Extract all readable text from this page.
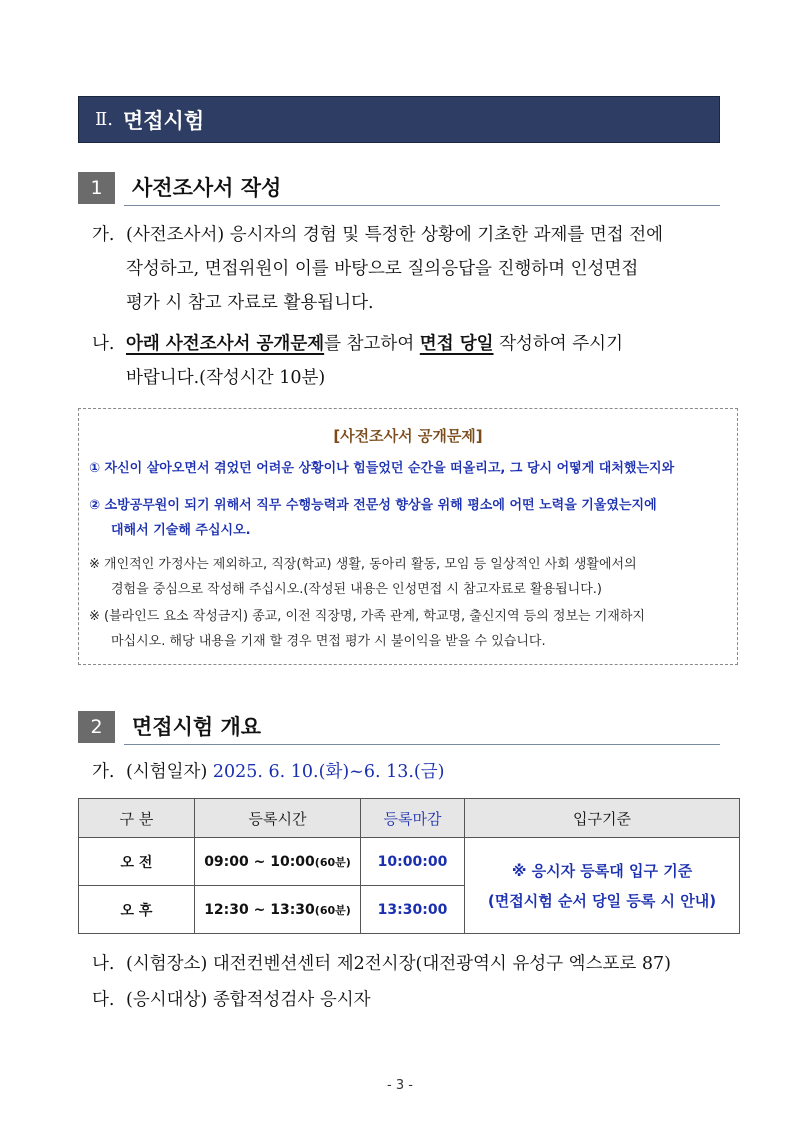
Ⅱ. 면접시험
1	사전조사서 작성
가. (사전조사서) 응시자의 경험 및 특정한 상황에 기초한 과제를 면접 전에
작성하고, 면접위원이 이를 바탕으로 질의응답을 진행하며 인성면접
평가 시 참고 자료로 활용됩니다.
나. 아래 사전조사서 공개문제를 참고하여 면접 당일 작성하여 주시기
바랍니다.(작성시간 10분)
[사전조사서 공개문제]
① 자신이 살아오면서 겪었던 어려운 상황이나 힘들었던 순간을 떠올리고, 그 당시 어떻게 대처했는지와
② 소방공무원이 되기 위해서 직무 수행능력과 전문성 향상을 위해 평소에 어떤 노력을 기울였는지에
대해서 기술해 주십시오.
※ 개인적인 가정사는 제외하고, 직장(학교) 생활, 동아리 활동, 모임 등 일상적인 사회 생활에서의
경험을 중심으로 작성해 주십시오.(작성된 내용은 인성면접 시 참고자료로 활용됩니다.)
※ (블라인드 요소 작성금지) 종교, 이전 직장명, 가족 관계, 학교명, 출신지역 등의 정보는 기재하지
마십시오. 해당 내용을 기재 할 경우 면접 평가 시 불이익을 받을 수 있습니다.
2	면접시험 개요
가. (시험일자) 2025. 6. 10.(화)~6. 13.(금)
구 분	등록시간	등록마감	입구기준
오 전	09:00 ~ 10:00(60분)	10:00:00	※ 응시자 등록대 입구 기준
(면접시험 순서 당일 등록 시 안내)

오 후	12:30 ~ 13:30(60분)	13:30:00	
나. (시험장소) 대전컨벤션센터 제2전시장(대전광역시 유성구 엑스포로 87)
다. (응시대상) 종합적성검사 응시자
- 3 -
